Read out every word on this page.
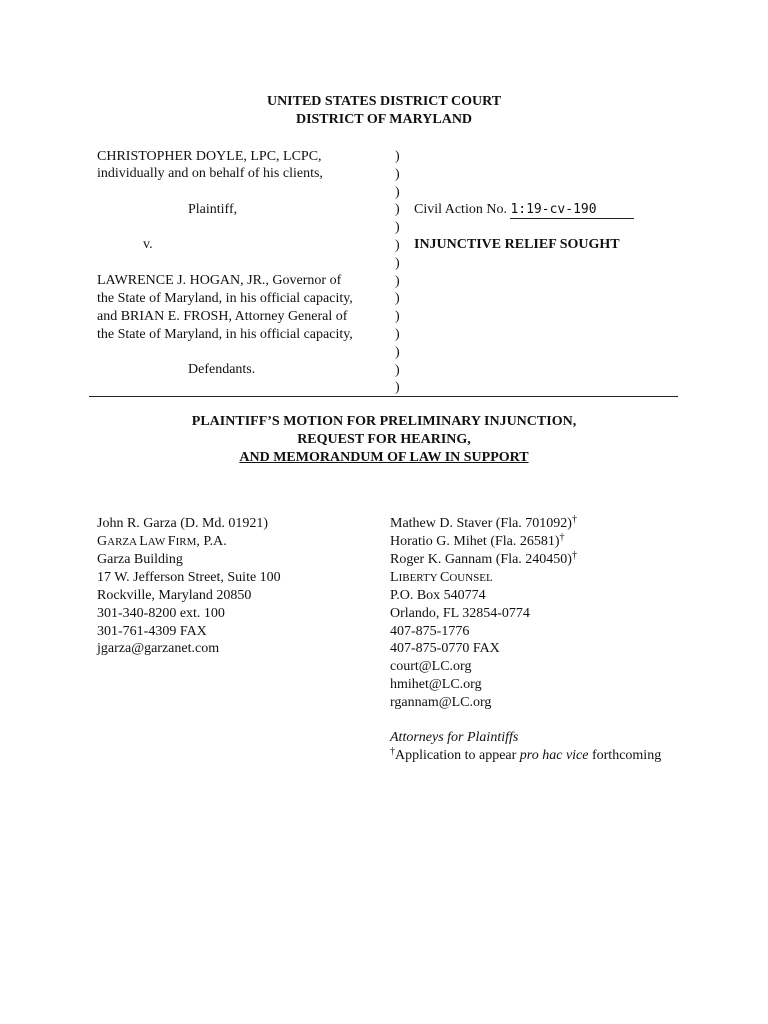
UNITED STATES DISTRICT COURT
DISTRICT OF MARYLAND
CHRISTOPHER DOYLE, LPC, LCPC,
individually and on behalf of his clients,
Plaintiff,
v.
LAWRENCE J. HOGAN, JR., Governor of
the State of Maryland, in his official capacity,
and BRIAN E. FROSH, Attorney General of
the State of Maryland, in his official capacity,
Defendants.
)
)
)
)
)
)
)
)
)
)
)
)
)
)
Civil Action No. 1:19-cv-190
INJUNCTIVE RELIEF SOUGHT
PLAINTIFF’S MOTION FOR PRELIMINARY INJUNCTION,
REQUEST FOR HEARING,
AND MEMORANDUM OF LAW IN SUPPORT
John R. Garza (D. Md. 01921)
GARZA LAW FIRM, P.A.
Garza Building
17 W. Jefferson Street, Suite 100
Rockville, Maryland 20850
301-340-8200 ext. 100
301-761-4309 FAX
jgarza@garzanet.com
Mathew D. Staver (Fla. 701092)†
Horatio G. Mihet (Fla. 26581)†
Roger K. Gannam (Fla. 240450)†
LIBERTY COUNSEL
P.O. Box 540774
Orlando, FL 32854-0774
407-875-1776
407-875-0770 FAX
court@LC.org
hmihet@LC.org
rgannam@LC.org
Attorneys for Plaintiffs
†Application to appear pro hac vice forthcoming
